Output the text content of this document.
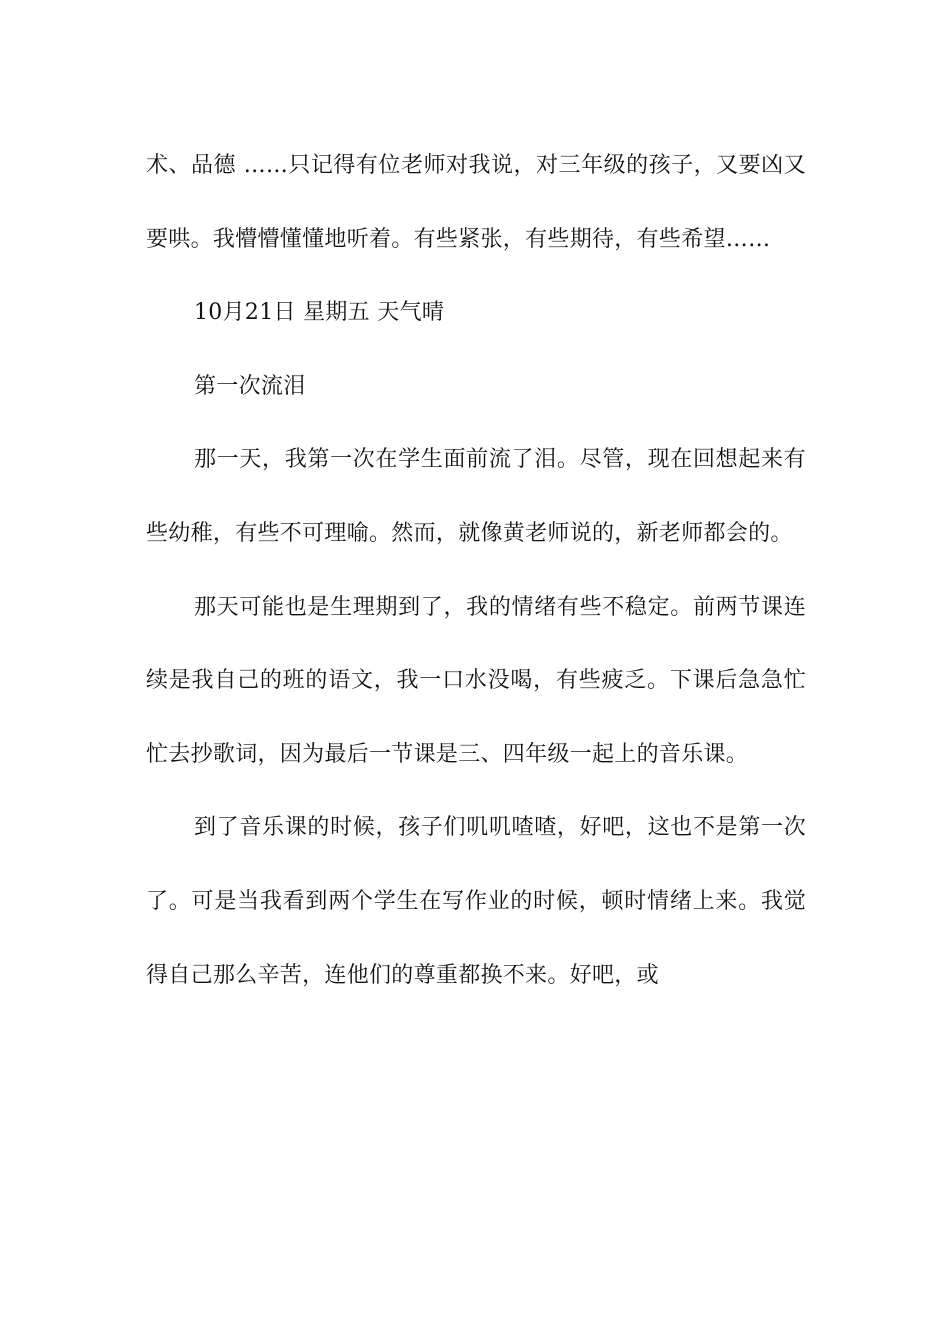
术、品德 ……只记得有位老师对我说，对三年级的孩子，又要凶又要哄。我懵懵懂懂地听着。有些紧张，有些期待，有些希望……

10月21日 星期五 天气晴

第一次流泪

那一天，我第一次在学生面前流了泪。尽管，现在回想起来有些幼稚，有些不可理喻。然而，就像黄老师说的，新老师都会的。

那天可能也是生理期到了，我的情绪有些不稳定。前两节课连续是我自己的班的语文，我一口水没喝，有些疲乏。下课后急急忙忙去抄歌词，因为最后一节课是三、四年级一起上的音乐课。

到了音乐课的时候，孩子们叽叽喳喳，好吧，这也不是第一次了。可是当我看到两个学生在写作业的时候，顿时情绪上来。我觉得自己那么辛苦，连他们的尊重都换不来。好吧，或
